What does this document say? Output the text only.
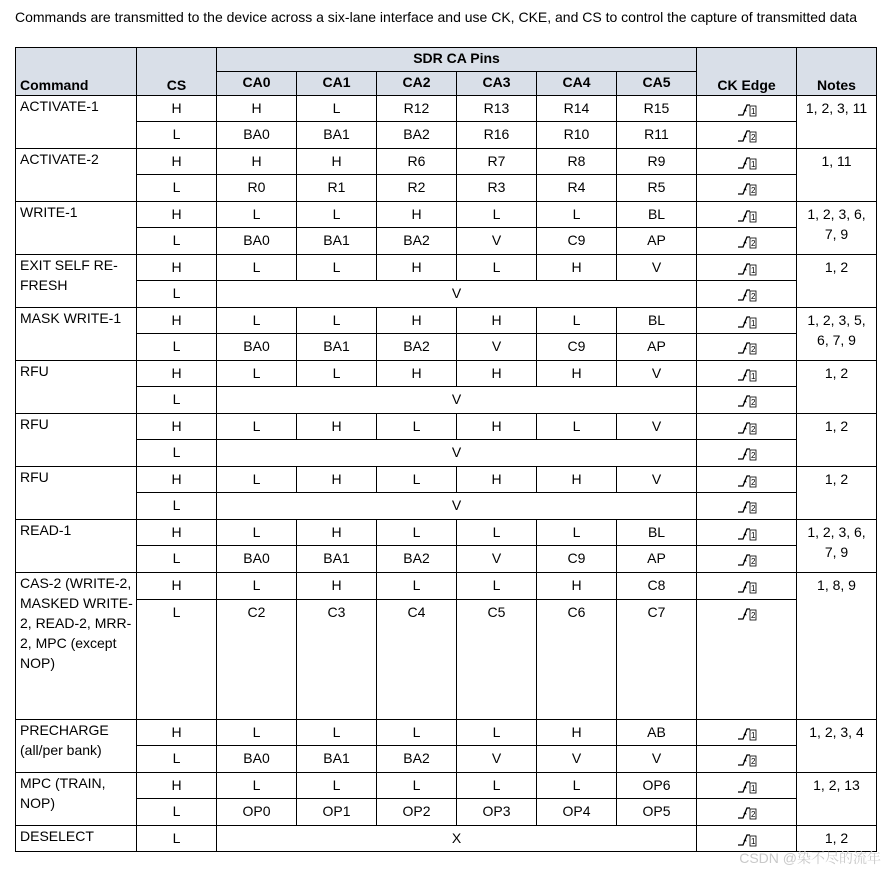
Commands are transmitted to the device across a six-lane interface and use CK, CKE, and CS to control the capture of transmitted data
Command	CS	SDR CA Pins						CK Edge	Notes
		CA0	CA1	CA2	CA3	CA4	CA5		
ACTIVATE-1	H	H	L	R12	R13	R14	R15	1	1, 2, 3, 11
	L	BA0	BA1	BA2	R16	R10	R11	2	

ACTIVATE-2	H	H	H	R6	R7	R8	R9	1	1, 11
	L	R0	R1	R2	R3	R4	R5	2	

WRITE-1	H	L	L	H	L	L	BL	1	1, 2, 3, 6, 7, 9
	L	BA0	BA1	BA2	V	C9	AP	2	

EXIT SELF RE-FRESH	H	L	L	H	L	H	V	1	1, 2
	L	V						2	

MASK WRITE-1	H	L	L	H	H	L	BL	1	1, 2, 3, 5, 6, 7, 9
	L	BA0	BA1	BA2	V	C9	AP	2	

RFU	H	L	L	H	H	H	V	1	1, 2
	L	V						2	

RFU	H	L	H	L	H	L	V	2	1, 2
	L	V						2	

RFU	H	L	H	L	H	H	V	2	1, 2
	L	V						2	

READ-1	H	L	H	L	L	L	BL	1	1, 2, 3, 6, 7, 9
	L	BA0	BA1	BA2	V	C9	AP	2	

CAS-2 (WRITE-2, MASKED WRITE-2, READ-2, MRR-2, MPC (except NOP)	H	L	H	L	L	H	C8	1	1, 8, 9
	L	C2	C3	C4	C5	C6	C7	2	

PRECHARGE (all/per bank)	H	L	L	L	L	H	AB	1	1, 2, 3, 4
	L	BA0	BA1	BA2	V	V	V	2	

MPC (TRAIN, NOP)	H	L	L	L	L	L	OP6	1	1, 2, 13
	L	OP0	OP1	OP2	OP3	OP4	OP5	2	

DESELECT	L	X						1	1, 2
CSDN @染不尽的流年
